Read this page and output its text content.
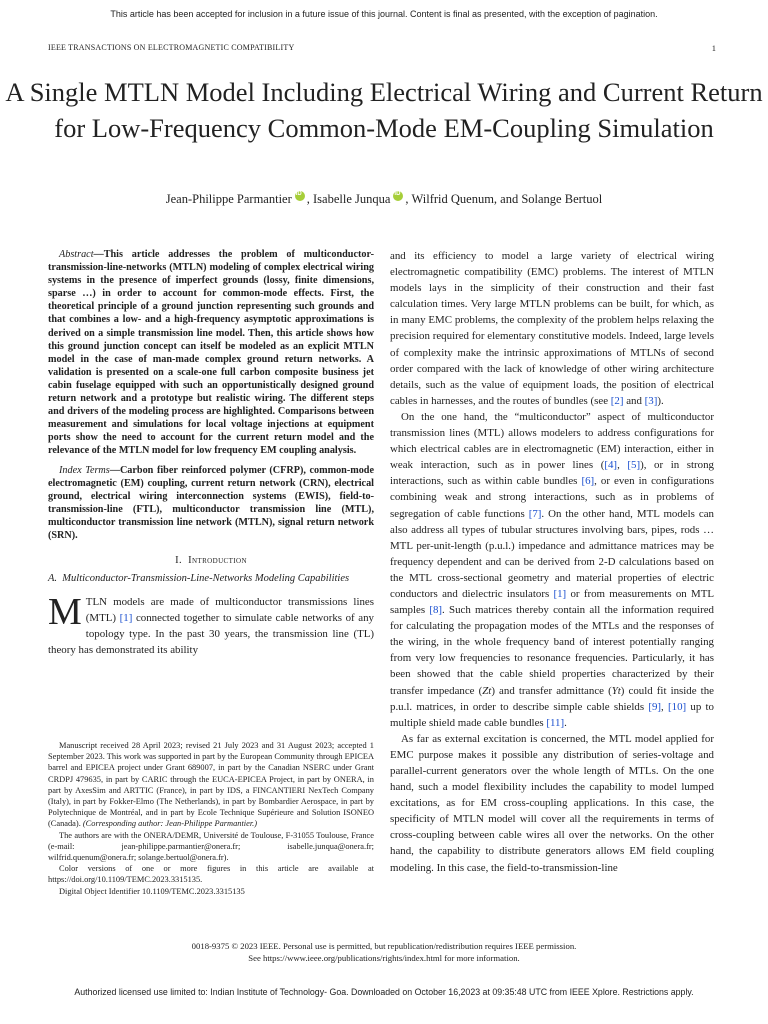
This article has been accepted for inclusion in a future issue of this journal. Content is final as presented, with the exception of pagination.
IEEE TRANSACTIONS ON ELECTROMAGNETIC COMPATIBILITY	1
A Single MTLN Model Including Electrical Wiring and Current Return for Low-Frequency Common-Mode EM-Coupling Simulation
Jean-Philippe Parmantier iD , Isabelle Junqua iD , Wilfrid Quenum, and Solange Bertuol

Abstract—This article addresses the problem of multiconductor-transmission-line-networks (MTLN) modeling of complex electrical wiring systems in the presence of imperfect grounds (lossy, finite dimensions, sparse …) in order to account for common-mode effects. First, the theoretical principle of a ground junction representing such grounds and that combines a low- and a high-frequency asymptotic approximations is derived on a simple transmission line model. Then, this article shows how this ground junction concept can itself be modeled as an explicit MTLN model in the case of man-made complex ground return networks. A validation is presented on a scale-one full carbon composite business jet cabin fuselage equipped with such an opportunistically designed ground return network and a prototype but realistic wiring. The different steps and drivers of the modeling process are highlighted. Comparisons between measurement and simulations for local voltage injections at equipment ports show the need to account for the current return model and the relevance of the MTLN model for low frequency EM coupling analysis.

Index Terms—Carbon fiber reinforced polymer (CFRP), common-mode electromagnetic (EM) coupling, current return network (CRN), electrical ground, electrical wiring interconnection systems (EWIS), field-to-transmission-line (FTL), multiconductor transmission line (MTL), multiconductor transmission line network (MTLN), signal return network (SRN).

I. Introduction
A. Multiconductor-Transmission-Line-Networks Modeling Capabilities

MTLN models are made of multiconductor transmissions lines (MTL) [1] connected together to simulate cable networks of any topology type. In the past 30 years, the transmission line (TL) theory has demonstrated its ability

Manuscript received 28 April 2023; revised 21 July 2023 and 31 August 2023; accepted 1 September 2023. This work was supported in part by the European Community through EPICEA barrel and EPICEA project under Grant 689007, in part by the Canadian NSERC under Grant CRDPJ 479635, in part by CARIC through the EUCA-EPICEA Project, in part by ONERA, in part by AxesSim and ARTTIC (France), in part by IDS, a FINCANTIERI NexTech Company (Italy), in part by Fokker-Elmo (The Netherlands), in part by Bombardier Aerospace, in part by Polytechnique de Montréal, and in part by Ecole Technique Supérieure and Solution ISONEO (Canada). (Corresponding author: Jean-Philippe Parmantier.)

The authors are with the ONERA/DEMR, Université de Toulouse, F-31055 Toulouse, France (e-mail: jean-philippe.parmantier@onera.fr; isabelle.junqua@onera.fr; wilfrid.quenum@onera.fr; solange.bertuol@onera.fr).

Color versions of one or more figures in this article are available at https://doi.org/10.1109/TEMC.2023.3315135.

Digital Object Identifier 10.1109/TEMC.2023.3315135

and its efficiency to model a large variety of electrical wiring electromagnetic compatibility (EMC) problems. The interest of MTLN models lays in the simplicity of their construction and their fast calculation times. Very large MTLN problems can be built, for which, as in many EMC problems, the complexity of the problem helps relaxing the precision required for elementary constitutive models. Indeed, large levels of complexity make the intrinsic approximations of MTLNs of second order compared with the lack of knowledge of other wiring architecture details, such as the value of equipment loads, the position of electrical cables in harnesses, and the routes of bundles (see [2] and [3]).

On the one hand, the “multiconductor” aspect of multiconductor transmission lines (MTL) allows modelers to address configurations for which electrical cables are in electromagnetic (EM) interaction, either in weak interaction, such as in power lines ([4], [5]), or in strong interactions, such as within cable bundles [6], or even in configurations combining weak and strong interactions, such as in problems of segregation of cable functions [7]. On the other hand, MTL models can also address all types of tubular structures involving bars, pipes, rods … MTL per-unit-length (p.u.l.) impedance and admittance matrices may be frequency dependent and can be derived from 2-D calculations based on the MTL cross-sectional geometry and material properties of electric conductors and dielectric insulators [1] or from measurements on MTL samples [8]. Such matrices thereby contain all the information required for calculating the propagation modes of the MTLs and the responses of the wiring, in the whole frequency band of interest potentially ranging from very low frequencies to resonance frequencies. Particularly, it has been showed that the cable shield properties characterized by their transfer impedance (Zt) and transfer admittance (Yt) could fit inside the p.u.l. matrices, in order to describe simple cable shields [9], [10] up to multiple shield made cable bundles [11].

As far as external excitation is concerned, the MTL model applied for EMC purpose makes it possible any distribution of series-voltage and parallel-current generators over the whole length of MTLs. On the one hand, such a model flexibility includes the capability to model lumped excitations, as for EM cross-coupling applications. In this case, the specificity of MTLN model will cover all the requirements in terms of cross-coupling between cable wires all over the networks. On the other hand, the capability to distribute generators allows EM field coupling modeling. In this case, the field-to-transmission-line

0018-9375 © 2023 IEEE. Personal use is permitted, but republication/redistribution requires IEEE permission.
See https://www.ieee.org/publications/rights/index.html for more information.
Authorized licensed use limited to: Indian Institute of Technology- Goa. Downloaded on October 16,2023 at 09:35:48 UTC from IEEE Xplore. Restrictions apply.
